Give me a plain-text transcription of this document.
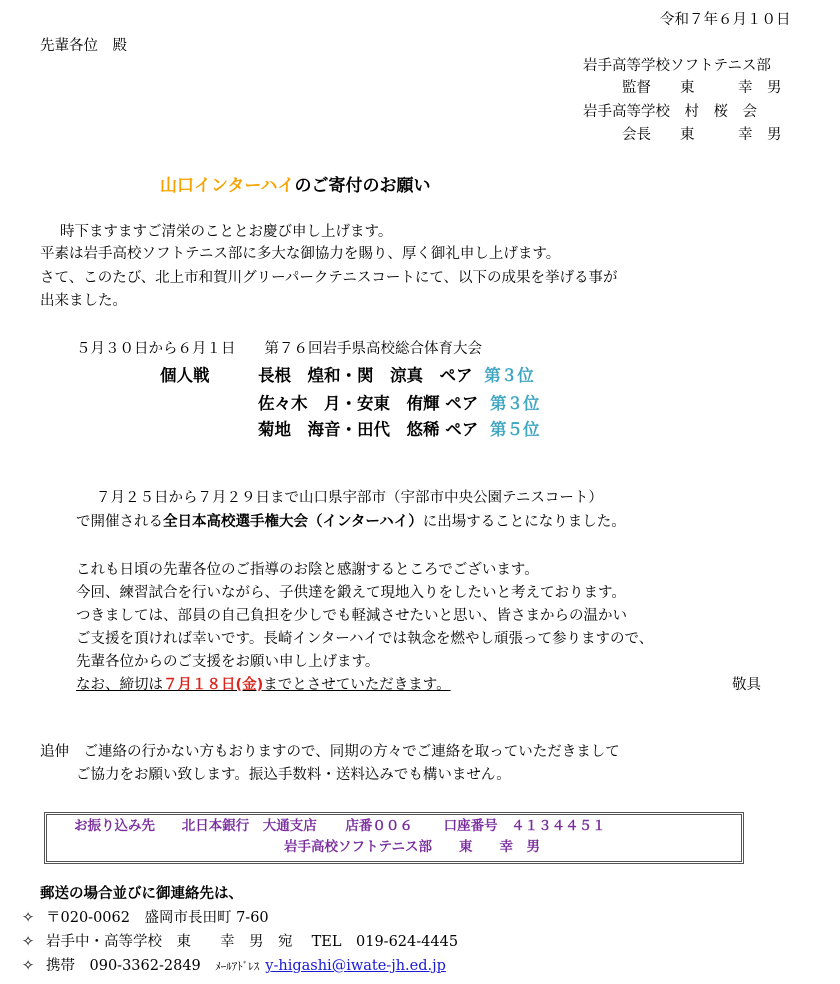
令和７年６月１０日
先輩各位　殿
岩手高等学校ソフトテニス部
監督　　東　　　幸　男
岩手高等学校　村　桜　会
会長　　東　　　幸　男
山口インターハイのご寄付のお願い
時下ますますご清栄のこととお慶び申し上げます。
平素は岩手高校ソフトテニス部に多大な御協力を賜り、厚く御礼申し上げます。
さて、このたび、北上市和賀川グリーパークテニスコートにて、以下の成果を挙げる事が
出来ました。
５月３０日から６月１日　　第７６回岩手県高校総合体育大会
個人戦	長根　煌和・関　涼真　ペア 第３位
佐々木　月・安東　侑輝 ペア 第３位
菊地　海音・田代　悠稀 ペア 第５位
７月２５日から７月２９日まで山口県宇部市（宇部市中央公園テニスコート）
で開催される全日本高校選手権大会（インターハイ）に出場することになりました。
これも日頃の先輩各位のご指導のお陰と感謝するところでございます。
今回、練習試合を行いながら、子供達を鍛えて現地入りをしたいと考えております。
つきましては、部員の自己負担を少しでも軽減させたいと思い、皆さまからの温かい
ご支援を頂ければ幸いです。長崎インターハイでは執念を燃やし頑張って参りますので、
先輩各位からのご支援をお願い申し上げます。
なお、締切は７月１８日(金)までとさせていただきます。	敬具
追伸　ご連絡の行かない方もおりますので、同期の方々でご連絡を取っていただきまして
ご協力をお願い致します。振込手数料・送料込みでも構いません。
お振り込み先 北日本銀行　大通支店 店番００６ 口座番号　４１３４４５１
岩手高校ソフトテニス部　　東　　幸　男
郵送の場合並びに御連絡先は、
✧ 〒020-0062　盛岡市長田町 7-60
✧ 岩手中・高等学校　東　　幸　男　宛　 TEL　019-624-4445
✧ 携帯　090-3362-2849　ﾒｰﾙｱﾄﾞﾚｽ y-higashi@iwate-jh.ed.jp
